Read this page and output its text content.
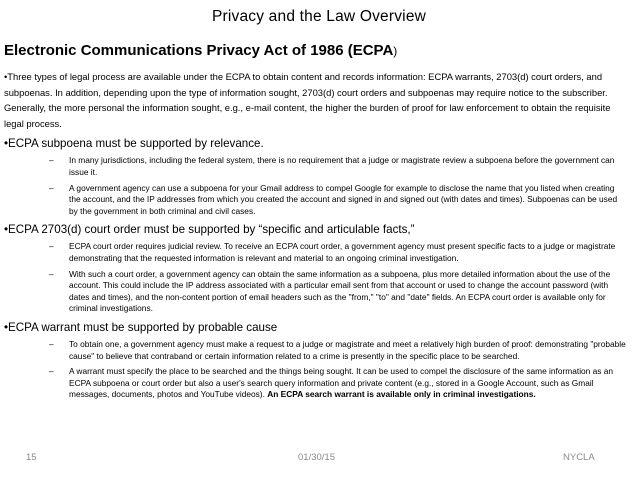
Privacy and the Law Overview
Electronic Communications Privacy Act of 1986 (ECPA)

•Three types of legal process are available under the ECPA to obtain content and records information: ECPA warrants, 2703(d) court orders, and subpoenas. In addition, depending upon the type of information sought, 2703(d) court orders and subpoenas may require notice to the subscriber. Generally, the more personal the information sought, e.g., e-mail content, the higher the burden of proof for law enforcement to obtain the requisite legal process.

•ECPA subpoena must be supported by relevance.
– In many jurisdictions, including the federal system, there is no requirement that a judge or magistrate review a subpoena before the government can issue it.
– A government agency can use a subpoena for your Gmail address to compel Google for example to disclose the name that you listed when creating the account, and the IP addresses from which you created the account and signed in and signed out (with dates and times). Subpoenas can be used by the government in both criminal and civil cases.
•ECPA 2703(d) court order must be supported by “specific and articulable facts,”
– ECPA court order requires judicial review. To receive an ECPA court order, a government agency must present specific facts to a judge or magistrate demonstrating that the requested information is relevant and material to an ongoing criminal investigation.
– With such a court order, a government agency can obtain the same information as a subpoena, plus more detailed information about the use of the account. This could include the IP address associated with a particular email sent from that account or used to change the account password (with dates and times), and the non-content portion of email headers such as the "from," "to" and "date" fields. An ECPA court order is available only for criminal investigations.
•ECPA warrant must be supported by probable cause
– To obtain one, a government agency must make a request to a judge or magistrate and meet a relatively high burden of proof: demonstrating "probable cause" to believe that contraband or certain information related to a crime is presently in the specific place to be searched.
– A warrant must specify the place to be searched and the things being sought. It can be used to compel the disclosure of the same information as an ECPA subpoena or court order but also a user's search query information and private content (e.g., stored in a Google Account, such as Gmail messages, documents, photos and YouTube videos). An ECPA search warrant is available only in criminal investigations.
15	01/30/15	NYCLA
